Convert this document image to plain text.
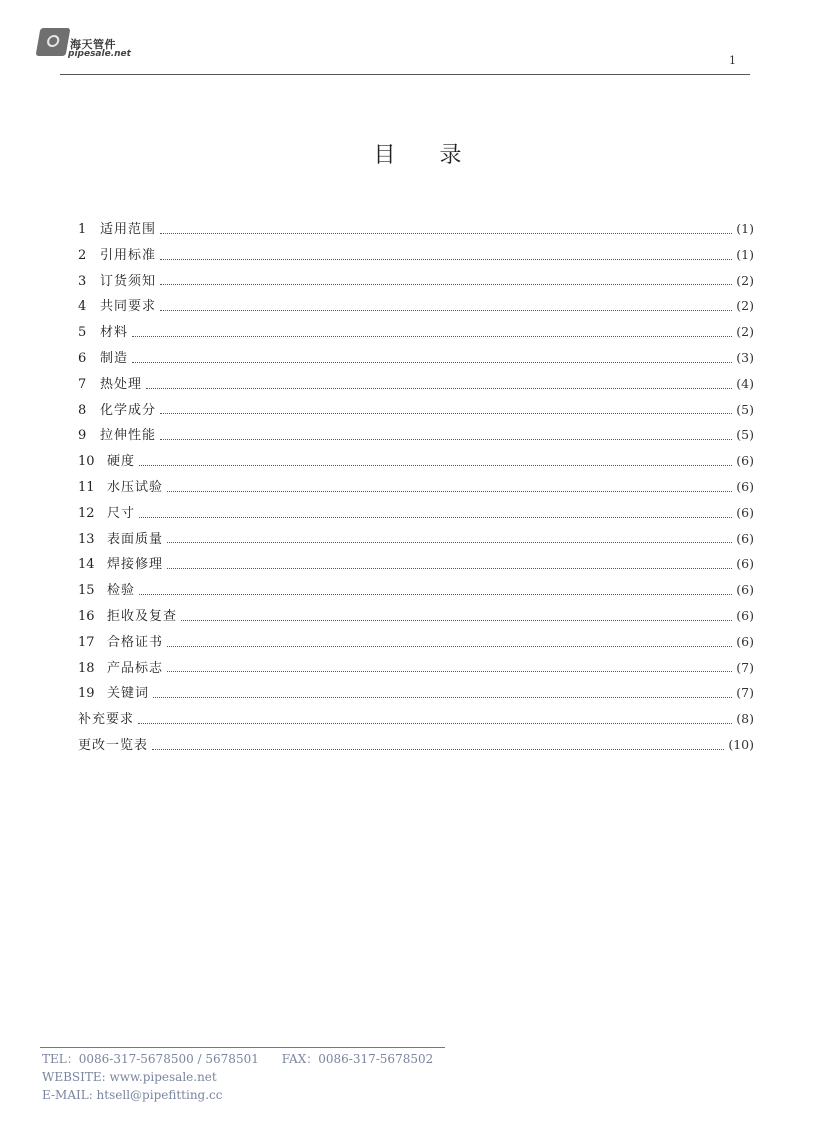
海天管件
pipesale.net	1
目录
1	适用范围	(1)
2	引用标准	(1)
3	订货须知	(2)
4	共同要求	(2)
5	材料	(2)
6	制造	(3)
7	热处理	(4)
8	化学成分	(5)
9	拉伸性能	(5)
10 硬度	(6)
11 水压试验	(6)
12 尺寸	(6)
13 表面质量	(6)
14 焊接修理	(6)
15 检验	(6)
16 拒收及复查	(6)
17 合格证书	(6)
18 产品标志	(7)
19 关键词	(7)
补充要求	(8)
更改一览表	(10)
TEL：0086-317-5678500 / 5678501 FAX：0086-317-5678502
WEBSITE: www.pipesale.net
E-MAIL: htsell@pipefitting.cc
